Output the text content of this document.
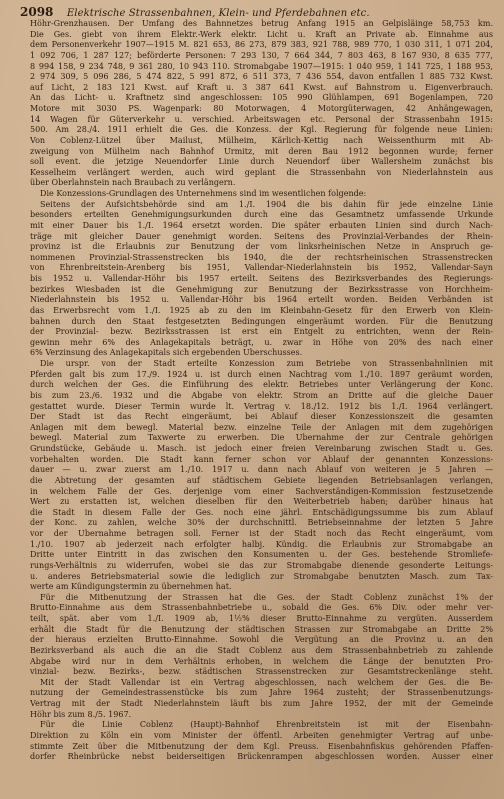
2098 Elektrische Strassenbahnen, Klein- und Pferdebahnen etc.
Höhr-Grenzhausen. Der Umfang des Bahnnetzes betrug Anfang 1915 an Gelpisläinge 58,753 km.
Die Ges. giebt von ihrem Elektr.-Werk elektr. Licht u. Kraft an Private ab. Einnahme aus
dem Personenverkehr 1907—1915 M. 821 653, 86 273, 879 383, 921 788, 989 770, 1 030 311, 1 071 204,
1 092 706, 1 287 127; beförderte Personen: 7 293 130, 7 664 344, 7 803 463, 8 167 930, 8 635 777,
8 994 158, 9 234 748, 9 361 280, 10 943 110. Stromabgabe 1907—1915: 1 040 959, 1 141 725, 1 188 953,
2 974 309, 5 096 286, 5 474 822, 5 991 872, 6 511 373, 7 436 554, davon entfallen 1 885 732 Kwst.
auf Licht, 2 183 121 Kwst. auf Kraft u. 3 387 641 Kwst. auf Bahnstrom u. Eigenverbrauch.
An das Licht- u. Kraftnetz sind angeschlossen: 105 990 Glühlampen, 691 Bogenlampen, 720
Motore mit 3030 PS. Wagenpark: 80 Motorwagen, 4 Motorgüterwagen, 42 Anhängewagen,
14 Wagen für Güterverkehr u. verschied. Arbeitswagen etc. Personal der Strassenbahn 1915:
500. Am 28./4. 1911 erhielt die Ges. die Konzess. der Kgl. Regierung für folgende neue Linien:
Von Coblenz-Lützel über Mailust, Mülheim, Kärlich-Kettig nach Weissenthurm mit Ab-
zweigung von Mülheim nach Bahnhof Urmitz, mit deren Bau 1912 begonnen wurde; ferner
soll event. die jetzige Neuendorfer Linie durch Neuendorf über Wallersheim zunächst bis
Kesselheim verlängert werden, auch wird geplant die Strassenbahn von Niederlahnstein aus
über Oberlahnstein nach Braubach zu verlängern.
Die Konzessions-Grundlagen des Unternehmens sind im wesentlichen folgende:
Seitens der Aufsichtsbehörde sind am 1./I. 1904 die bis dahin für jede einzelne Linie
besonders erteilten Genehmigungsurkunden durch eine das Gesamtnetz umfassende Urkunde
mit einer Dauer bis 1./I. 1964 ersetzt worden. Die später erbauten Linien sind durch Nach-
träge mit gleicher Dauer genehmigt worden. Seitens des Provinzial-Verbandes der Rhein-
provinz ist die Erlaubnis zur Benutzung der vom linksrheinischen Netze in Anspruch ge-
nommenen Provinzial-Strassenstrecken bis 1940, die der rechtsrheinischen Strassenstrecken
von Ehrenbreitstein-Arenberg bis 1951, Vallendar-Niederlahnstein bis 1952, Vallendar-Sayn
bis 1952 u. Vallendar-Höhr bis 1957 erteilt. Seitens des Bezirksverbandes des Regierungs-
bezirkes Wiesbaden ist die Genehmigung zur Benutzung der Bezirksstrasse von Horchheim-
Niederlahnstein bis 1952 u. Vallendar-Höhr bis 1964 erteilt worden. Beiden Verbänden ist
das Erwerbsrecht vom 1./I. 1925 ab zu den im Kleinbahn-Gesetz für den Erwerb von Klein-
bahnen durch den Staat festgesetzten Bedingungen eingeräumt worden. Für die Benutzung
der Provinzial- bezw. Bezirksstrassen ist erst ein Entgelt zu entrichten, wenn der Rein-
gewinn mehr 6% des Anlagekapitals beträgt, u. zwar in Höhe von 20% des nach einer
6% Verzinsung des Anlagekapitals sich ergebenden Überschusses.
Die urspr. von der Stadt erteilte Konzession zum Betriebe von Strassenbahnlinien mit
Pferden galt bis zum 17./9. 1924 u. ist durch einen Nachtrag vom 1./10. 1897 geräumt worden,
durch welchen der Ges. die Einführung des elektr. Betriebes unter Verlängerung der Konc.
bis zum 23./6. 1932 und die Abgabe von elektr. Strom an Dritte auf die gleiche Dauer
gestattet wurde. Dieser Termin wurde lt. Vertrag v. 18./12. 1912 bis 1./I. 1964 verlängert.
Der Stadt ist das Recht eingeräumt, bei Ablauf dieser Konzessionszeit die gesamten
Anlagen mit dem bewegl. Material bezw. einzelne Teile der Anlagen mit dem zugehörigen
bewegl. Material zum Taxwerte zu erwerben. Die Übernahme der zur Centrale gehörigen
Grundstücke, Gebäude u. Masch. ist jedoch einer freien Vereinbarung zwischen Stadt u. Ges.
vorbehalten worden. Die Stadt kann ferner schon vor Ablauf der genannten Konzessions-
dauer — u. zwar zuerst am 1./10. 1917 u. dann nach Ablauf von weiteren je 5 Jahren —
die Abtretung der gesamten auf städtischem Gebiete liegenden Betriebsanlagen verlangen,
in welchem Falle der Ges. derjenige vom einer Sachverständigen-Kommission festzusetzende
Wert zu erstatten ist, welchen dieselben für den Weiterbetrieb haben; darüber hinaus hat
die Stadt in diesem Falle der Ges. noch eine jährl. Entschädigungssumme bis zum Ablauf
der Konc. zu zahlen, welche 30% der durchschnittl. Betriebseinnahme der letzten 5 Jahre
vor der Übernahme betragen soll. Ferner ist der Stadt noch das Recht eingeräumt, vom
1./10. 1907 ab jederzeit nach erfolgter halbj. Kündig. die Erlaubnis zur Stromabgabe an
Dritte unter Eintritt in das zwischen den Konsumenten u. der Ges. bestehende Stromliefe-
rungs-Verhältnis zu widerrufen, wobei sie das zur Stromabgabe dienende gesonderte Leitungs-
u. anderes Betriebsmaterial sowie die lediglich zur Stromabgabe benutzten Masch. zum Tax-
werte am Kündigungstermin zu übernehmen hat.
Für die Mitbenutzung der Strassen hat die Ges. der Stadt Coblenz zunächst 1% der
Brutto-Einnahme aus dem Strassenbahnbetriebe u., sobald die Ges. 6% Div. oder mehr ver-
teilt, spät. aber vom 1./I. 1909 ab, 1½% dieser Brutto-Einnahme zu vergüten. Ausserdem
erhält die Stadt für die Benutzung der städtischen Strassen zur Stromabgabe an Dritte 2%
der hieraus erzielten Brutto-Einnahme. Sowohl die Vergütung an die Provinz u. an den
Bezirksverband als auch die an die Stadt Coblenz aus dem Strassenbahnbetrieb zu zahlende
Abgabe wird nur in dem Verhältnis erhoben, in welchem die Länge der benutzten Pro-
vinzial- bezw. Bezirks-, bezw. städtischen Strassenstrecken zur Gesamtstreckenlänge steht.
Mit der Stadt Vallendar ist ein Vertrag abgeschlossen, nach welchem der Ges. die Be-
nutzung der Gemeindestrassenstücke bis zum Jahre 1964 zusteht; der Strassenbenutzungs-
Vertrag mit der Stadt Niederlahnstein läuft bis zum Jahre 1952, der mit der Gemeinde
Höhr bis zum 8./5. 1967.
Für die Linie Coblenz (Haupt)-Bahnhof Ehrenbreitstein ist mit der Eisenbahn-
Direktion zu Köln ein vom Minister der öffentl. Arbeiten genehmigter Vertrag auf unbe-
stimmte Zeit über die Mitbenutzung der dem Kgl. Preuss. Eisenbahnfiskus gehörenden Pfaffen-
dorfer Rheinbrücke nebst beiderseitigen Brückenrampen abgeschlossen worden. Ausser einer
